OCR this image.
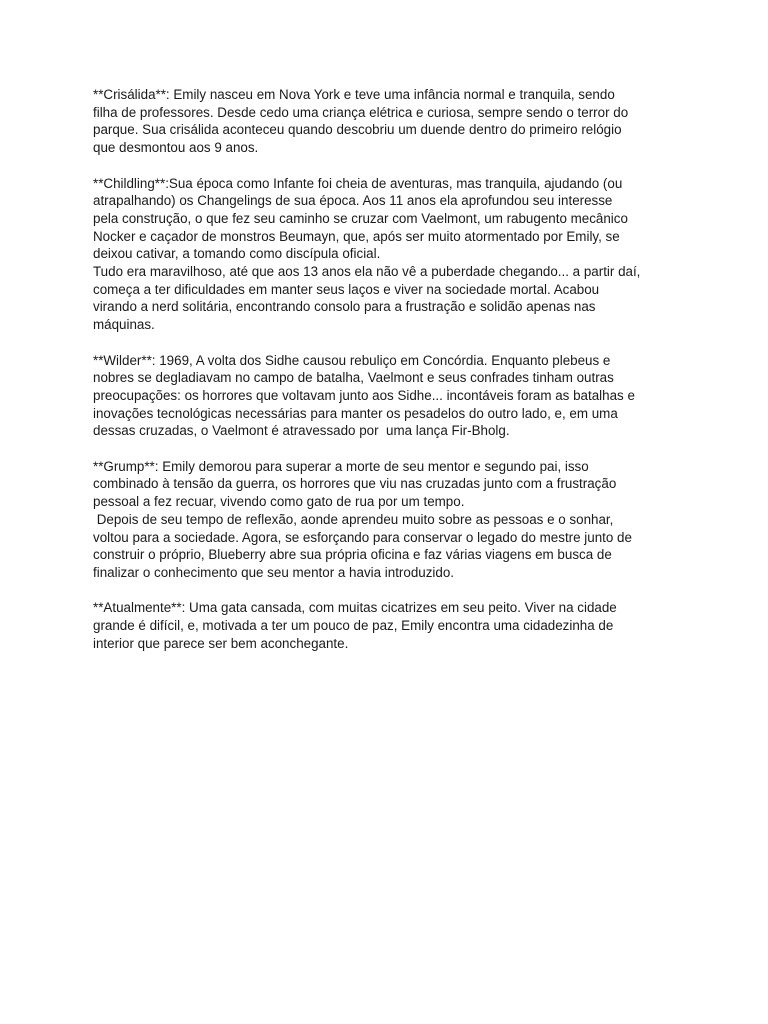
**Crisálida**: Emily nasceu em Nova York e teve uma infância normal e tranquila, sendo
filha de professores. Desde cedo uma criança elétrica e curiosa, sempre sendo o terror do
parque. Sua crisálida aconteceu quando descobriu um duende dentro do primeiro relógio
que desmontou aos 9 anos.

**Childling**:Sua época como Infante foi cheia de aventuras, mas tranquila, ajudando (ou
atrapalhando) os Changelings de sua época. Aos 11 anos ela aprofundou seu interesse
pela construção, o que fez seu caminho se cruzar com Vaelmont, um rabugento mecânico
Nocker e caçador de monstros Beumayn, que, após ser muito atormentado por Emily, se
deixou cativar, a tomando como discípula oficial.
Tudo era maravilhoso, até que aos 13 anos ela não vê a puberdade chegando... a partir daí,
começa a ter dificuldades em manter seus laços e viver na sociedade mortal. Acabou
virando a nerd solitária, encontrando consolo para a frustração e solidão apenas nas
máquinas.

**Wilder**: 1969, A volta dos Sidhe causou rebuliço em Concórdia. Enquanto plebeus e
nobres se degladiavam no campo de batalha, Vaelmont e seus confrades tinham outras
preocupações: os horrores que voltavam junto aos Sidhe... incontáveis foram as batalhas e
inovações tecnológicas necessárias para manter os pesadelos do outro lado, e, em uma
dessas cruzadas, o Vaelmont é atravessado por  uma lança Fir-Bholg.

**Grump**: Emily demorou para superar a morte de seu mentor e segundo pai, isso
combinado à tensão da guerra, os horrores que viu nas cruzadas junto com a frustração
pessoal a fez recuar, vivendo como gato de rua por um tempo.
Depois de seu tempo de reflexão, aonde aprendeu muito sobre as pessoas e o sonhar,
voltou para a sociedade. Agora, se esforçando para conservar o legado do mestre junto de
construir o próprio, Blueberry abre sua própria oficina e faz várias viagens em busca de
finalizar o conhecimento que seu mentor a havia introduzido.

**Atualmente**: Uma gata cansada, com muitas cicatrizes em seu peito. Viver na cidade
grande é difícil, e, motivada a ter um pouco de paz, Emily encontra uma cidadezinha de
interior que parece ser bem aconchegante.
